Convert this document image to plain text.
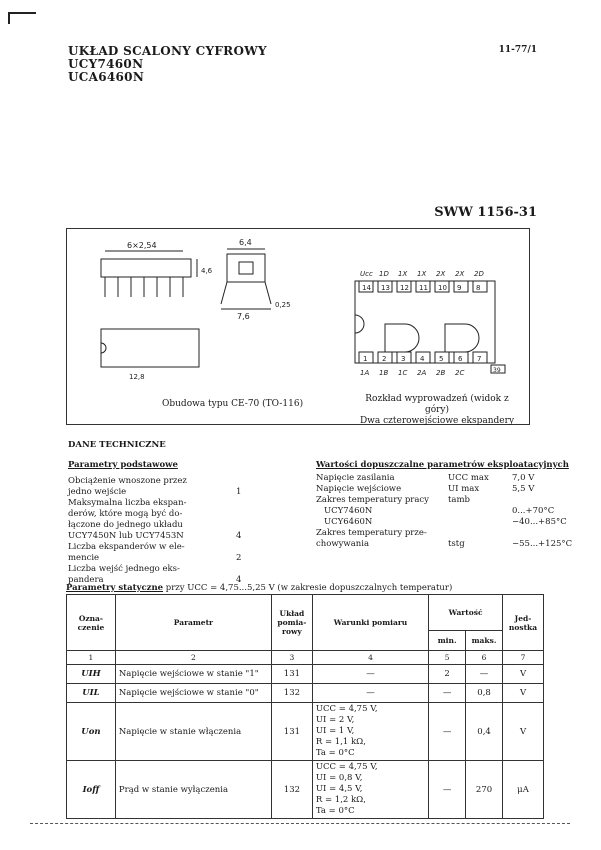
UKŁAD SCALONY CYFROWY
UCY7460N
UCA6460N
11-77/1
SWW 1156-31
6×2,54	6,4
7,6
0,25
4,6
12,8
14
Ucc
13
1D
12
1X
11
1X
10
2X
9
2X
8
2D
1
1A
2
1B
3
1C
4
2A
5
2B
6
2C
7
39
Obudowa typu CE-70 (TO-116)	Rozkład wyprowadzeń (widok z góry)
Dwa czterowejściowe ekspandery
DANE TECHNICZNE
Parametry podstawowe
Obciążenie wnoszone przez
jedno wejście	1
Maksymalna liczba ekspan-
derów, które mogą być do-
łączone do jednego układu
UCY7450N lub UCY7453N	4
Liczba ekspanderów w ele-
mencie	2
Liczba wejść jednego eks-
pandera	4
Wartości dopuszczalne parametrów eksploatacyjnych
Napięcie zasilania	UCC max	7,0 V
Napięcie wejściowe	UI max	5,5 V
Zakres temperatury pracy	tamb	
UCY7460N		0...+70°C
UCY6460N		−40...+85°C
Zakres temperatury prze-		
chowywania	tstg	−55...+125°C
Parametry statyczne przy UCC = 4,75...5,25 V (w zakresie dopuszczalnych temperatur)
Ozna-czenie	Parametr	Układ pomia-rowy	Warunki pomiaru	Wartość		Jed-nostka
				min.	maks.	
1	2	3	4	5	6	7
UIH	Napięcie wejściowe w stanie "1"	131	—	2	—	V
UIL	Napięcie wejściowe w stanie "0"	132	—	—	0,8	V
Uon	Napięcie w stanie włączenia	131	UCC = 4,75 V,
UI = 2 V,
UI = 1 V,
R = 1,1 kΩ,
Ta = 0°C	—	0,4	V
Ioff	Prąd w stanie wyłączenia	132	UCC = 4,75 V,
UI = 0,8 V,
UI = 4,5 V,
R = 1,2 kΩ,
Ta = 0°C	—	270	μA
